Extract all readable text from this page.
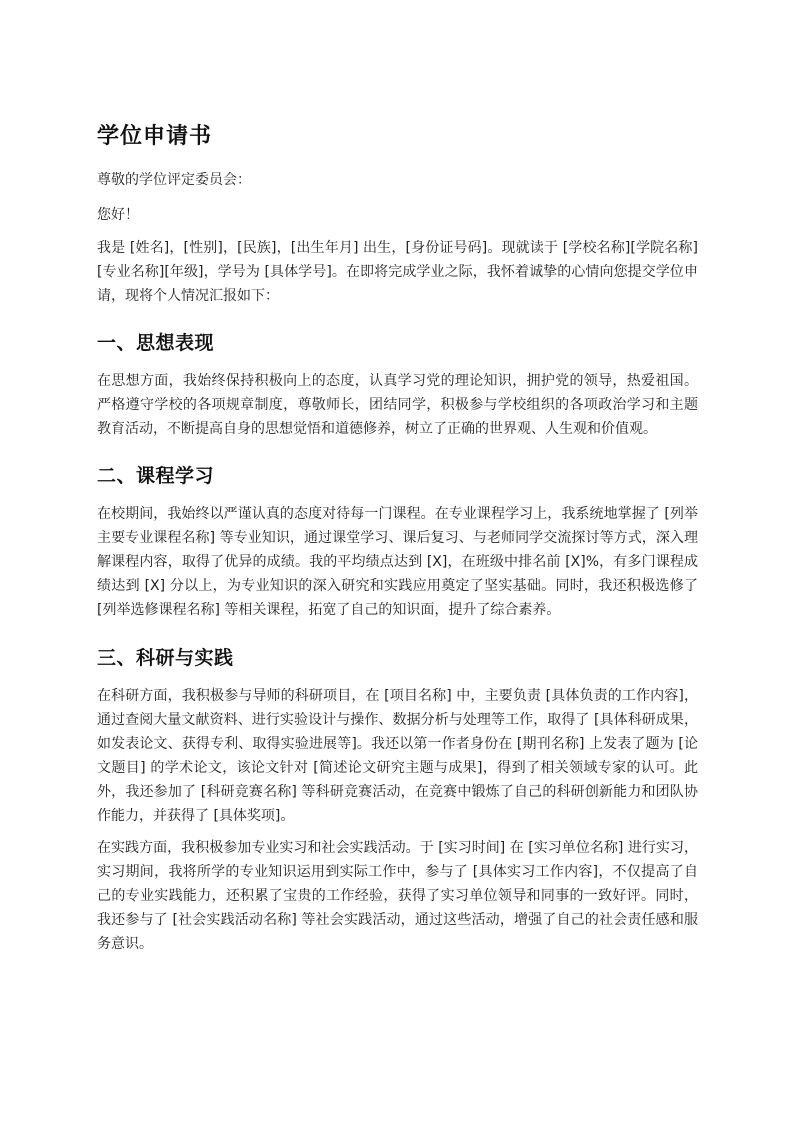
学位申请书

尊敬的学位评定委员会：

您好！

我是 [姓名]，[性别]，[民族]，[出生年月] 出生，[身份证号码]。现就读于 [学校名称][学院名称][专业名称][年级]，学号为 [具体学号]。在即将完成学业之际，我怀着诚挚的心情向您提交学位申请，现将个人情况汇报如下：

一、思想表现

在思想方面，我始终保持积极向上的态度，认真学习党的理论知识，拥护党的领导，热爱祖国。严格遵守学校的各项规章制度，尊敬师长，团结同学，积极参与学校组织的各项政治学习和主题教育活动，不断提高自身的思想觉悟和道德修养，树立了正确的世界观、人生观和价值观。

二、课程学习

在校期间，我始终以严谨认真的态度对待每一门课程。在专业课程学习上，我系统地掌握了 [列举主要专业课程名称] 等专业知识，通过课堂学习、课后复习、与老师同学交流探讨等方式，深入理解课程内容，取得了优异的成绩。我的平均绩点达到 [X]，在班级中排名前 [X]%，有多门课程成绩达到 [X] 分以上，为专业知识的深入研究和实践应用奠定了坚实基础。同时，我还积极选修了 [列举选修课程名称] 等相关课程，拓宽了自己的知识面，提升了综合素养。

三、科研与实践

在科研方面，我积极参与导师的科研项目，在 [项目名称] 中，主要负责 [具体负责的工作内容]，通过查阅大量文献资料、进行实验设计与操作、数据分析与处理等工作，取得了 [具体科研成果，如发表论文、获得专利、取得实验进展等]。我还以第一作者身份在 [期刊名称] 上发表了题为 [论文题目] 的学术论文，该论文针对 [简述论文研究主题与成果]，得到了相关领域专家的认可。此外，我还参加了 [科研竞赛名称] 等科研竞赛活动，在竞赛中锻炼了自己的科研创新能力和团队协作能力，并获得了 [具体奖项]。

在实践方面，我积极参加专业实习和社会实践活动。于 [实习时间] 在 [实习单位名称] 进行实习，实习期间，我将所学的专业知识运用到实际工作中，参与了 [具体实习工作内容]，不仅提高了自己的专业实践能力，还积累了宝贵的工作经验，获得了实习单位领导和同事的一致好评。同时，我还参与了 [社会实践活动名称] 等社会实践活动，通过这些活动，增强了自己的社会责任感和服务意识。
